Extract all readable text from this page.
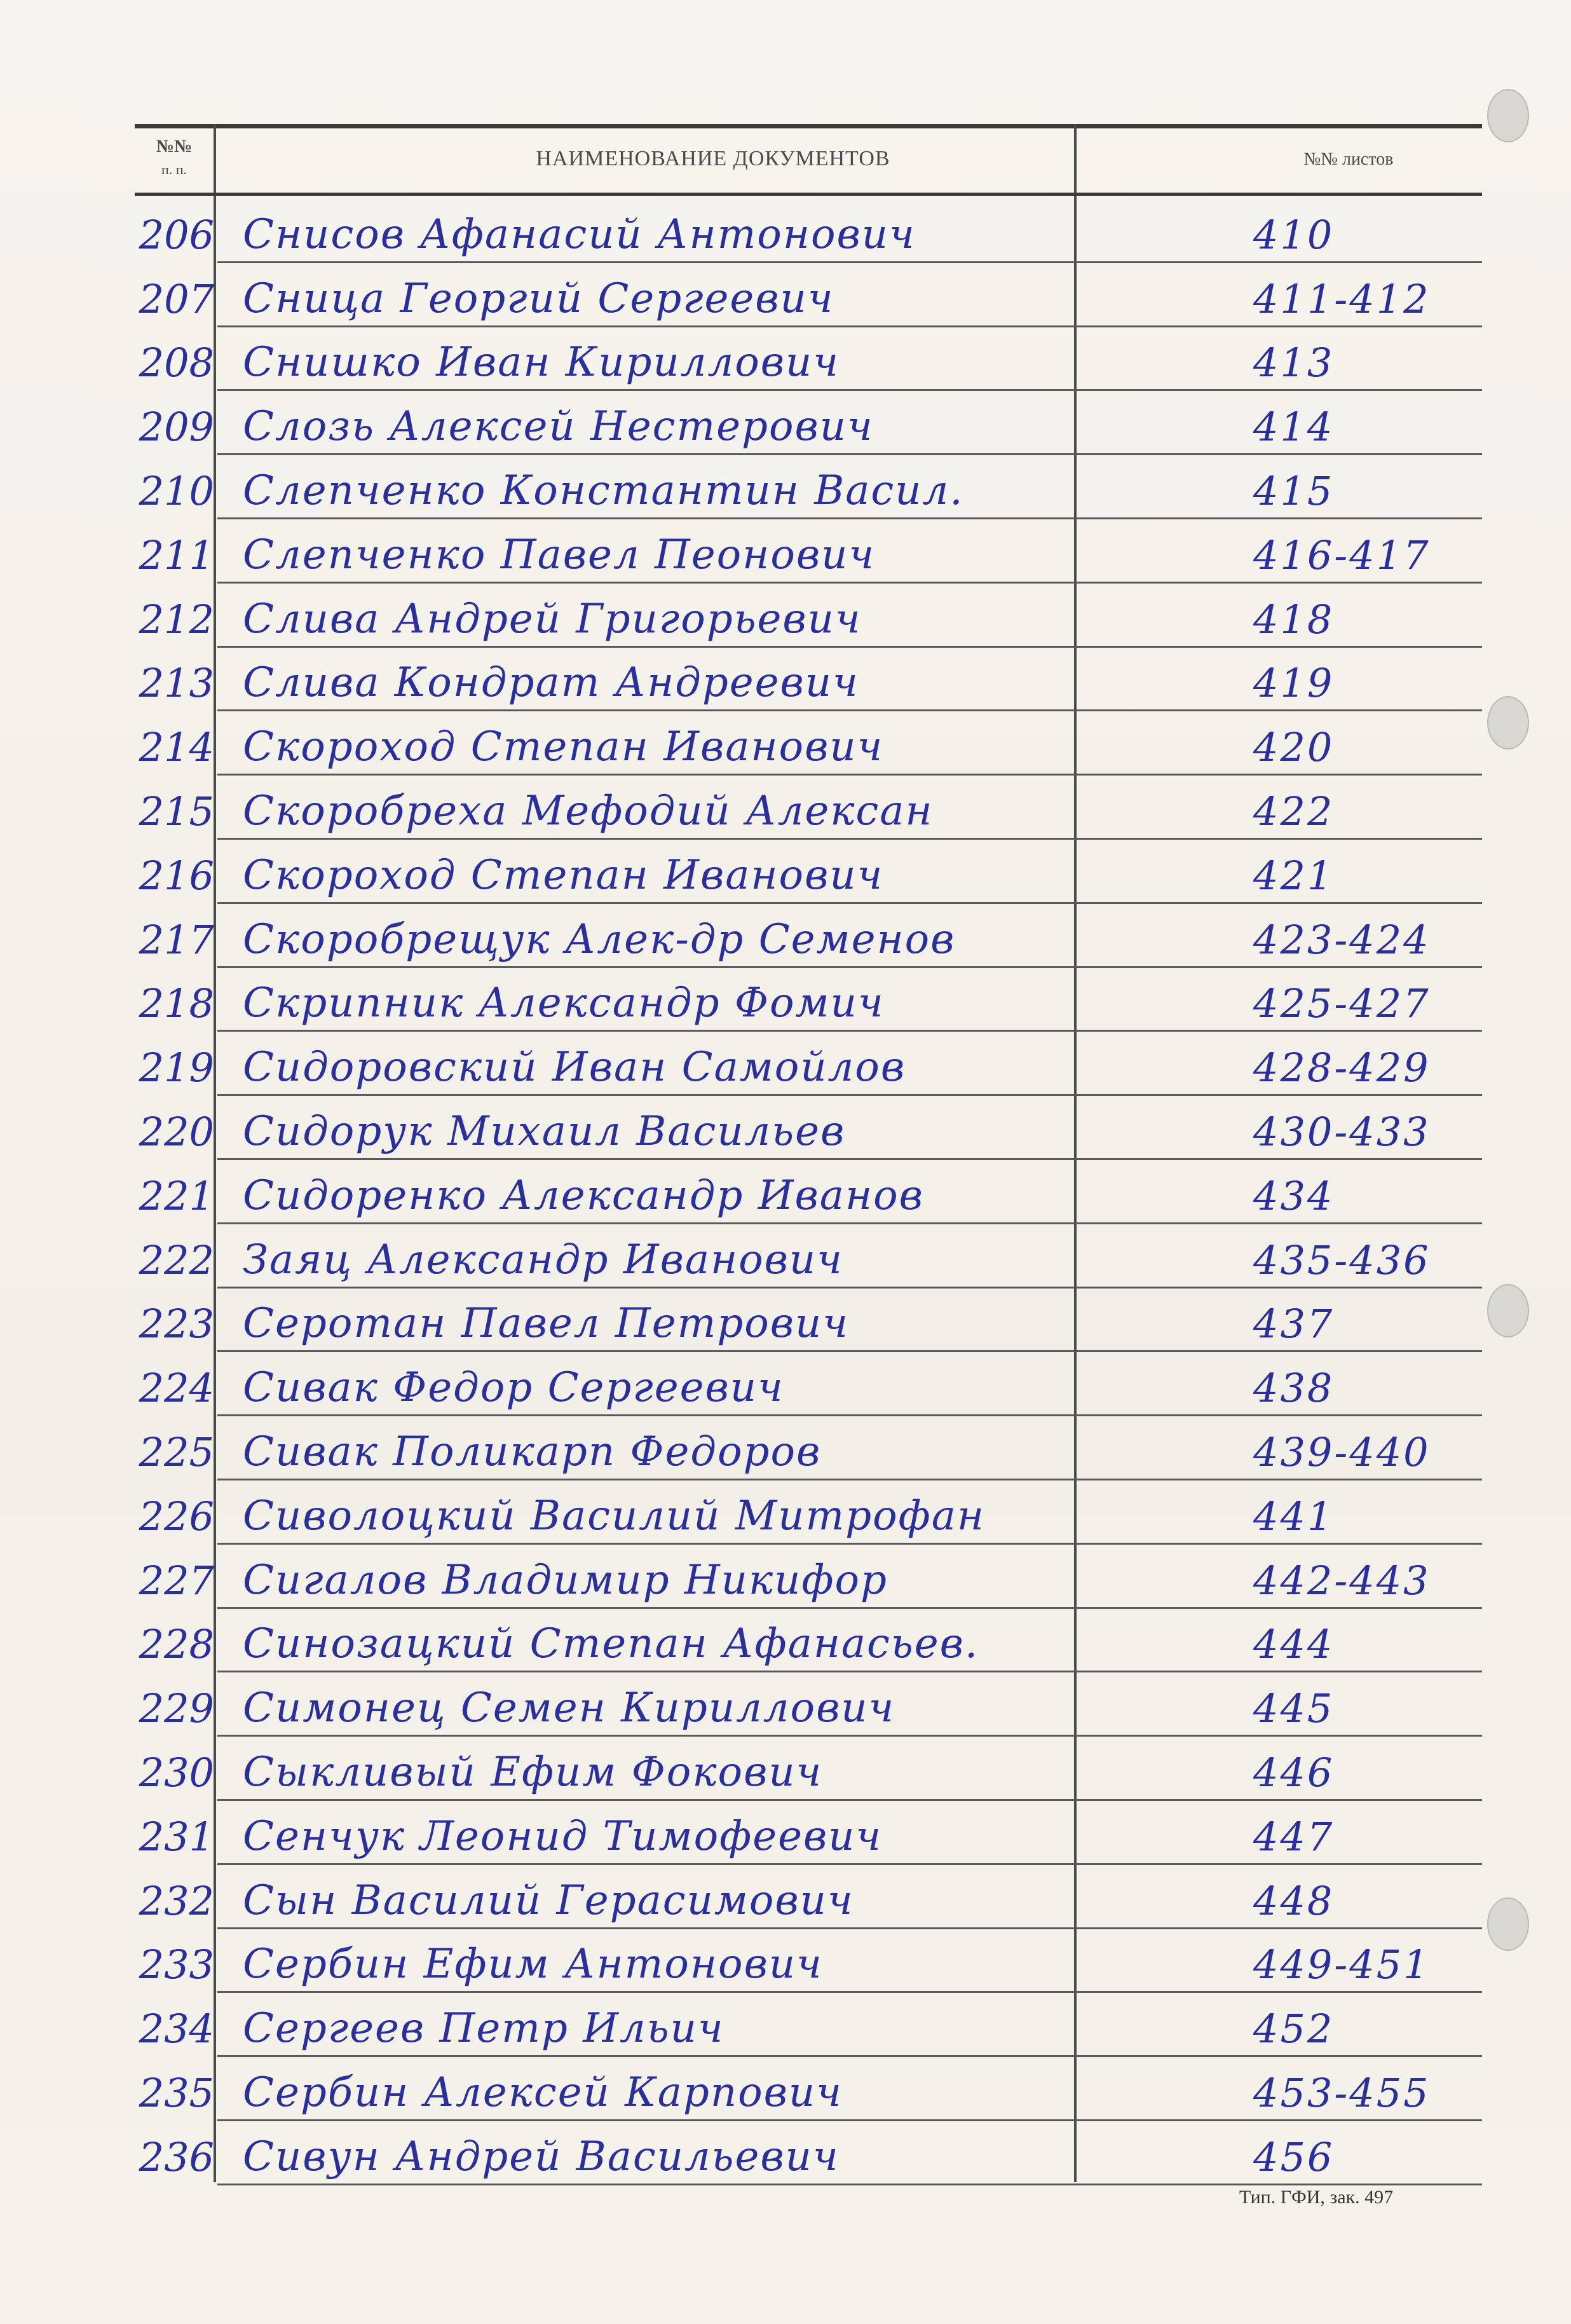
№№
п. п.	НАИМЕНОВАНИЕ ДОКУМЕНТОВ	№№ листов
206 Снисов Афанасий Антонович	410
207 Сница Георгий Сергеевич	411-412
208 Снишко Иван Кириллович	413
209 Слозь Алексей Нестерович	414
210 Слепченко Константин Васил.	415
211 Слепченко Павел Пеонович	416-417
212 Слива Андрей Григорьевич	418
213 Слива Кондрат Андреевич	419
214 Скороход Степан Иванович	420
215 Скоробреха Мефодий Алексан	422
216 Скороход Степан Иванович	421
217 Скоробрещук Алек-др Семенов	423-424
218 Скрипник Александр Фомич	425-427
219 Сидоровский Иван Самойлов	428-429
220 Сидорук Михаил Васильев	430-433
221 Сидоренко Александр Иванов	434
222 Заяц Александр Иванович	435-436
223 Серотан Павел Петрович	437
224 Сивак Федор Сергеевич	438
225 Сивак Поликарп Федоров	439-440
226 Сиволоцкий Василий Митрофан	441
227 Сигалов Владимир Никифор	442-443
228 Синозацкий Степан Афанасьев.	444
229 Симонец Семен Кириллович	445
230 Сыкливый Ефим Фокович	446
231 Сенчук Леонид Тимофеевич	447
232 Сын Василий Герасимович	448
233 Сербин Ефим Антонович	449-451
234 Сергеев Петр Ильич	452
235 Сербин Алексей Карпович	453-455
236 Сивун Андрей Васильевич	456
Тип. ГФИ, зак. 497
